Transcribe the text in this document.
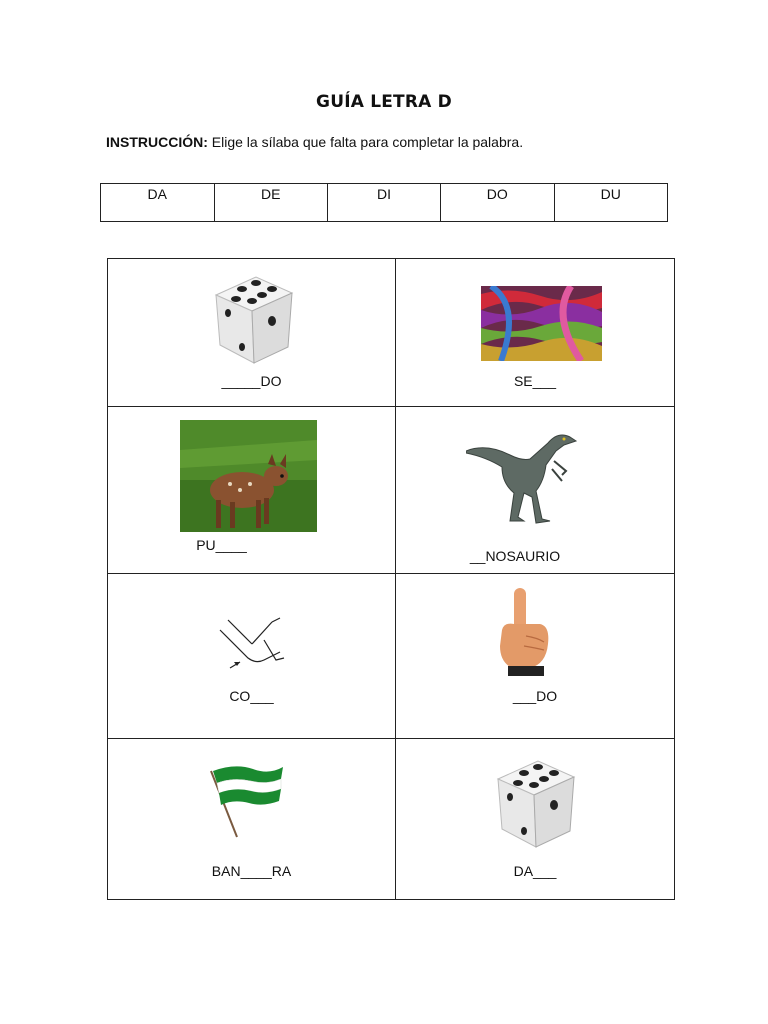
GUÍA LETRA D
INSTRUCCIÓN: Elige la sílaba que falta para completar la palabra.
DA	DE	DI	DO	DU
_____DO	SE___

PU____	__NOSAURIO

CO___	___DO

BAN____RA	DA___
